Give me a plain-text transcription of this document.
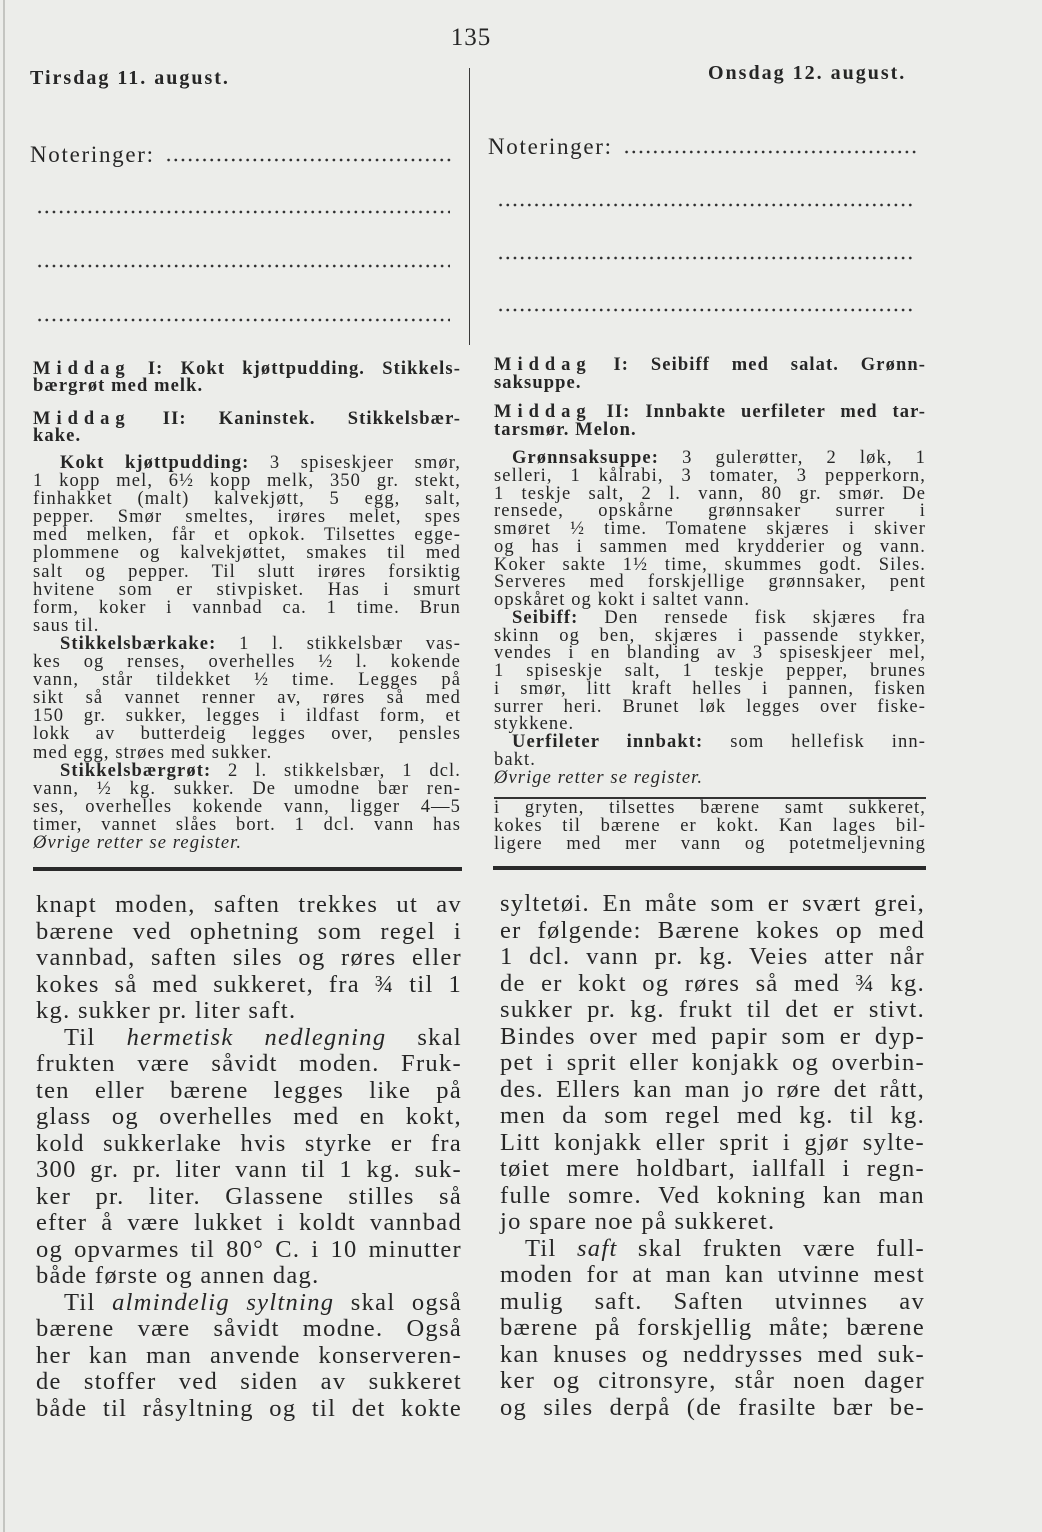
135
Tirsdag 11. august.	Onsdag 12. august.
Noteringer:	Noteringer:
Middag I: Kokt kjøttpudding. Stikkels-
bærgrøt med melk.
Middag II: Kaninstek. Stikkelsbær-
kake.
Kokt kjøttpudding: 3 spiseskjeer smør,
1 kopp mel, 6½ kopp melk, 350 gr. stekt,
finhakket (malt) kalvekjøtt, 5 egg, salt,
pepper. Smør smeltes, irøres melet, spes
med melken, får et opkok. Tilsettes egge-
plommene og kalvekjøttet, smakes til med
salt og pepper. Til slutt irøres forsiktig
hvitene som er stivpisket. Has i smurt
form, koker i vannbad ca. 1 time. Brun
saus til.
Stikkelsbærkake: 1 l. stikkelsbær vas-
kes og renses, overhelles ½ l. kokende
vann, står tildekket ½ time. Legges på
sikt så vannet renner av, røres så med
150 gr. sukker, legges i ildfast form, et
lokk av butterdeig legges over, pensles
med egg, strøes med sukker.
Stikkelsbærgrøt: 2 l. stikkelsbær, 1 dcl.
vann, ½ kg. sukker. De umodne bær ren-
ses, overhelles kokende vann, ligger 4—5
timer, vannet slåes bort. 1 dcl. vann has
Øvrige retter se register.
Middag I: Seibiff med salat. Grønn-
saksuppe.
Middag II: Innbakte uerfileter med tar-
tarsmør. Melon.
Grønnsaksuppe: 3 gulerøtter, 2 løk, 1
selleri, 1 kålrabi, 3 tomater, 3 pepperkorn,
1 teskje salt, 2 l. vann, 80 gr. smør. De
rensede, opskårne grønnsaker surrer i
smøret ½ time. Tomatene skjæres i skiver
og has i sammen med krydderier og vann.
Koker sakte 1½ time, skummes godt. Siles.
Serveres med forskjellige grønnsaker, pent
opskåret og kokt i saltet vann.
Seibiff: Den rensede fisk skjæres fra
skinn og ben, skjæres i passende stykker,
vendes i en blanding av 3 spiseskjeer mel,
1 spiseskje salt, 1 teskje pepper, brunes
i smør, litt kraft helles i pannen, fisken
surrer heri. Brunet løk legges over fiske-
stykkene.
Uerfileter innbakt: som hellefisk inn-
bakt.
Øvrige retter se register.
i gryten, tilsettes bærene samt sukkeret,
kokes til bærene er kokt. Kan lages bil-
ligere med mer vann og potetmeljevning
knapt moden, saften trekkes ut av
bærene ved ophetning som regel i
vannbad, saften siles og røres eller
kokes så med sukkeret, fra ¾ til 1
kg. sukker pr. liter saft.
Til hermetisk nedlegning skal
frukten være såvidt moden. Fruk-
ten eller bærene legges like på
glass og overhelles med en kokt,
kold sukkerlake hvis styrke er fra
300 gr. pr. liter vann til 1 kg. suk-
ker pr. liter. Glassene stilles så
efter å være lukket i koldt vannbad
og opvarmes til 80° C. i 10 minutter
både første og annen dag.
Til almindelig syltning skal også
bærene være såvidt modne. Også
her kan man anvende konserveren-
de stoffer ved siden av sukkeret
både til råsyltning og til det kokte
syltetøi. En måte som er svært grei,
er følgende: Bærene kokes op med
1 dcl. vann pr. kg. Veies atter når
de er kokt og røres så med ¾ kg.
sukker pr. kg. frukt til det er stivt.
Bindes over med papir som er dyp-
pet i sprit eller konjakk og overbin-
des. Ellers kan man jo røre det rått,
men da som regel med kg. til kg.
Litt konjakk eller sprit i gjør sylte-
tøiet mere holdbart, iallfall i regn-
fulle somre. Ved kokning kan man
jo spare noe på sukkeret.
Til saft skal frukten være full-
moden for at man kan utvinne mest
mulig saft. Saften utvinnes av
bærene på forskjellig måte; bærene
kan knuses og neddrysses med suk-
ker og citronsyre, står noen dager
og siles derpå (de frasilte bær be-
